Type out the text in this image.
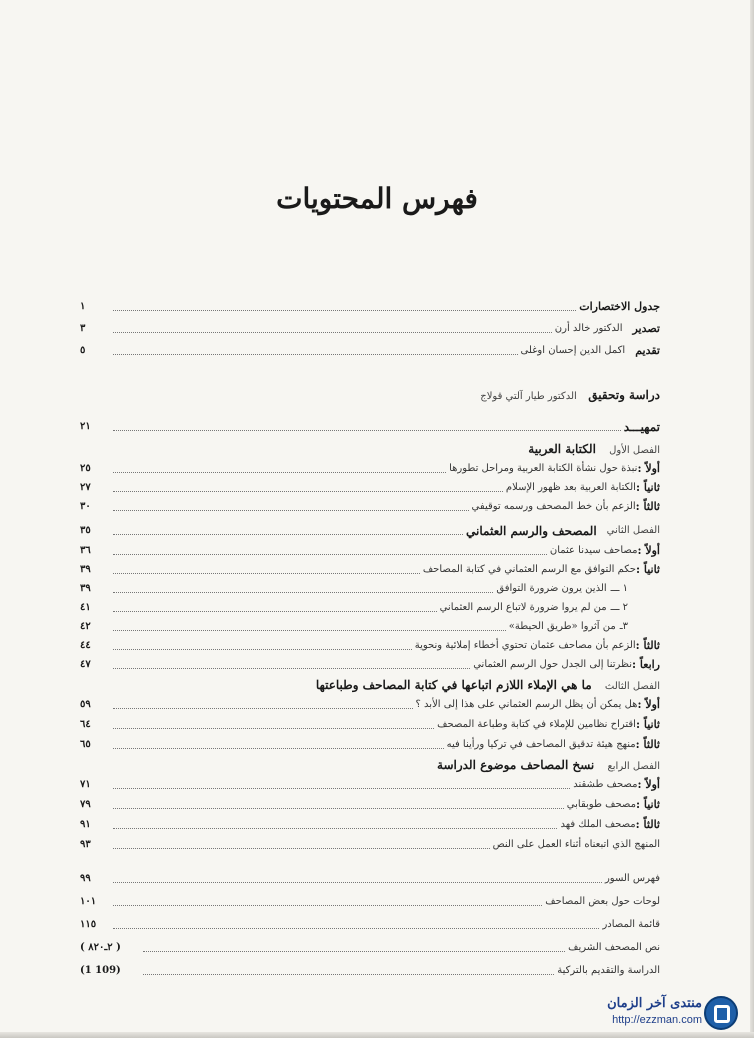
فهرس المحتويات
جدول الاختصارات
١
تصدير
الدكتور خالد أرن
٣
تقديم
اكمل الدين إحسان اوغلى
٥
دراسة وتحقيق الدكتور طيار آلتي قولاج
تمهيـــد
٢١
الفصل الأول الكتابة العربية
أولاً :
نبذة حول نشأة الكتابة العربية ومراحل تطورها
٢٥
ثانياً :
الكتابة العربية بعد ظهور الإسلام
٢٧
ثالثاً :
الزعم بأن خط المصحف ورسمه توقيفي
٣٠
الفصل الثاني
المصحف والرسم العثماني
٣٥
أولاً :
مصاحف سيدنا عثمان
٣٦
ثانياً :
حكم التوافق مع الرسم العثماني في كتابة المصاحف
٣٩
١ ـــ
الذين يرون ضرورة التوافق
٣٩
٢ ـــ
من لم يروا ضرورة لاتباع الرسم العثماني
٤١
٣ـ
من آثروا «طريق الحيطة»
٤٢
ثالثاً :
الزعم بأن مصاحف عثمان تحتوي أخطاء إملائية ونحوية
٤٤
رابعاً :
نظرتنا إلى الجدل حول الرسم العثماني
٤٧
الفصل الثالث ما هي الإملاء اللازم اتباعها في كتابة المصاحف وطباعتها
أولاً :
هل يمكن أن يظل الرسم العثماني على هذا إلى الأبد ؟
٥٩
ثانياً :
اقتراح نظامين للإملاء في كتابة وطباعة المصحف
٦٤
ثالثاً :
منهج هيئة تدقيق المصاحف في تركيا ورأينا فيه
٦٥
الفصل الرابع نسخ المصاحف موضوع الدراسة
أولاً :
مصحف طشقند
٧١
ثانياً :
مصحف طوبقابي
٧٩
ثالثاً :
مصحف الملك فهد
٩١
المنهج الذي اتبعناه أثناء العمل على النص
٩٣
فهرس السور
٩٩
لوحات حول بعض المصاحف
١٠١
قائمة المصادر
١١٥
نص المصحف الشريف
( ٢ـ٨٢٠ )
الدراسة والتقديم بالتركية
(1 109)
منتدى آخر الزمان
http://ezzman.com
